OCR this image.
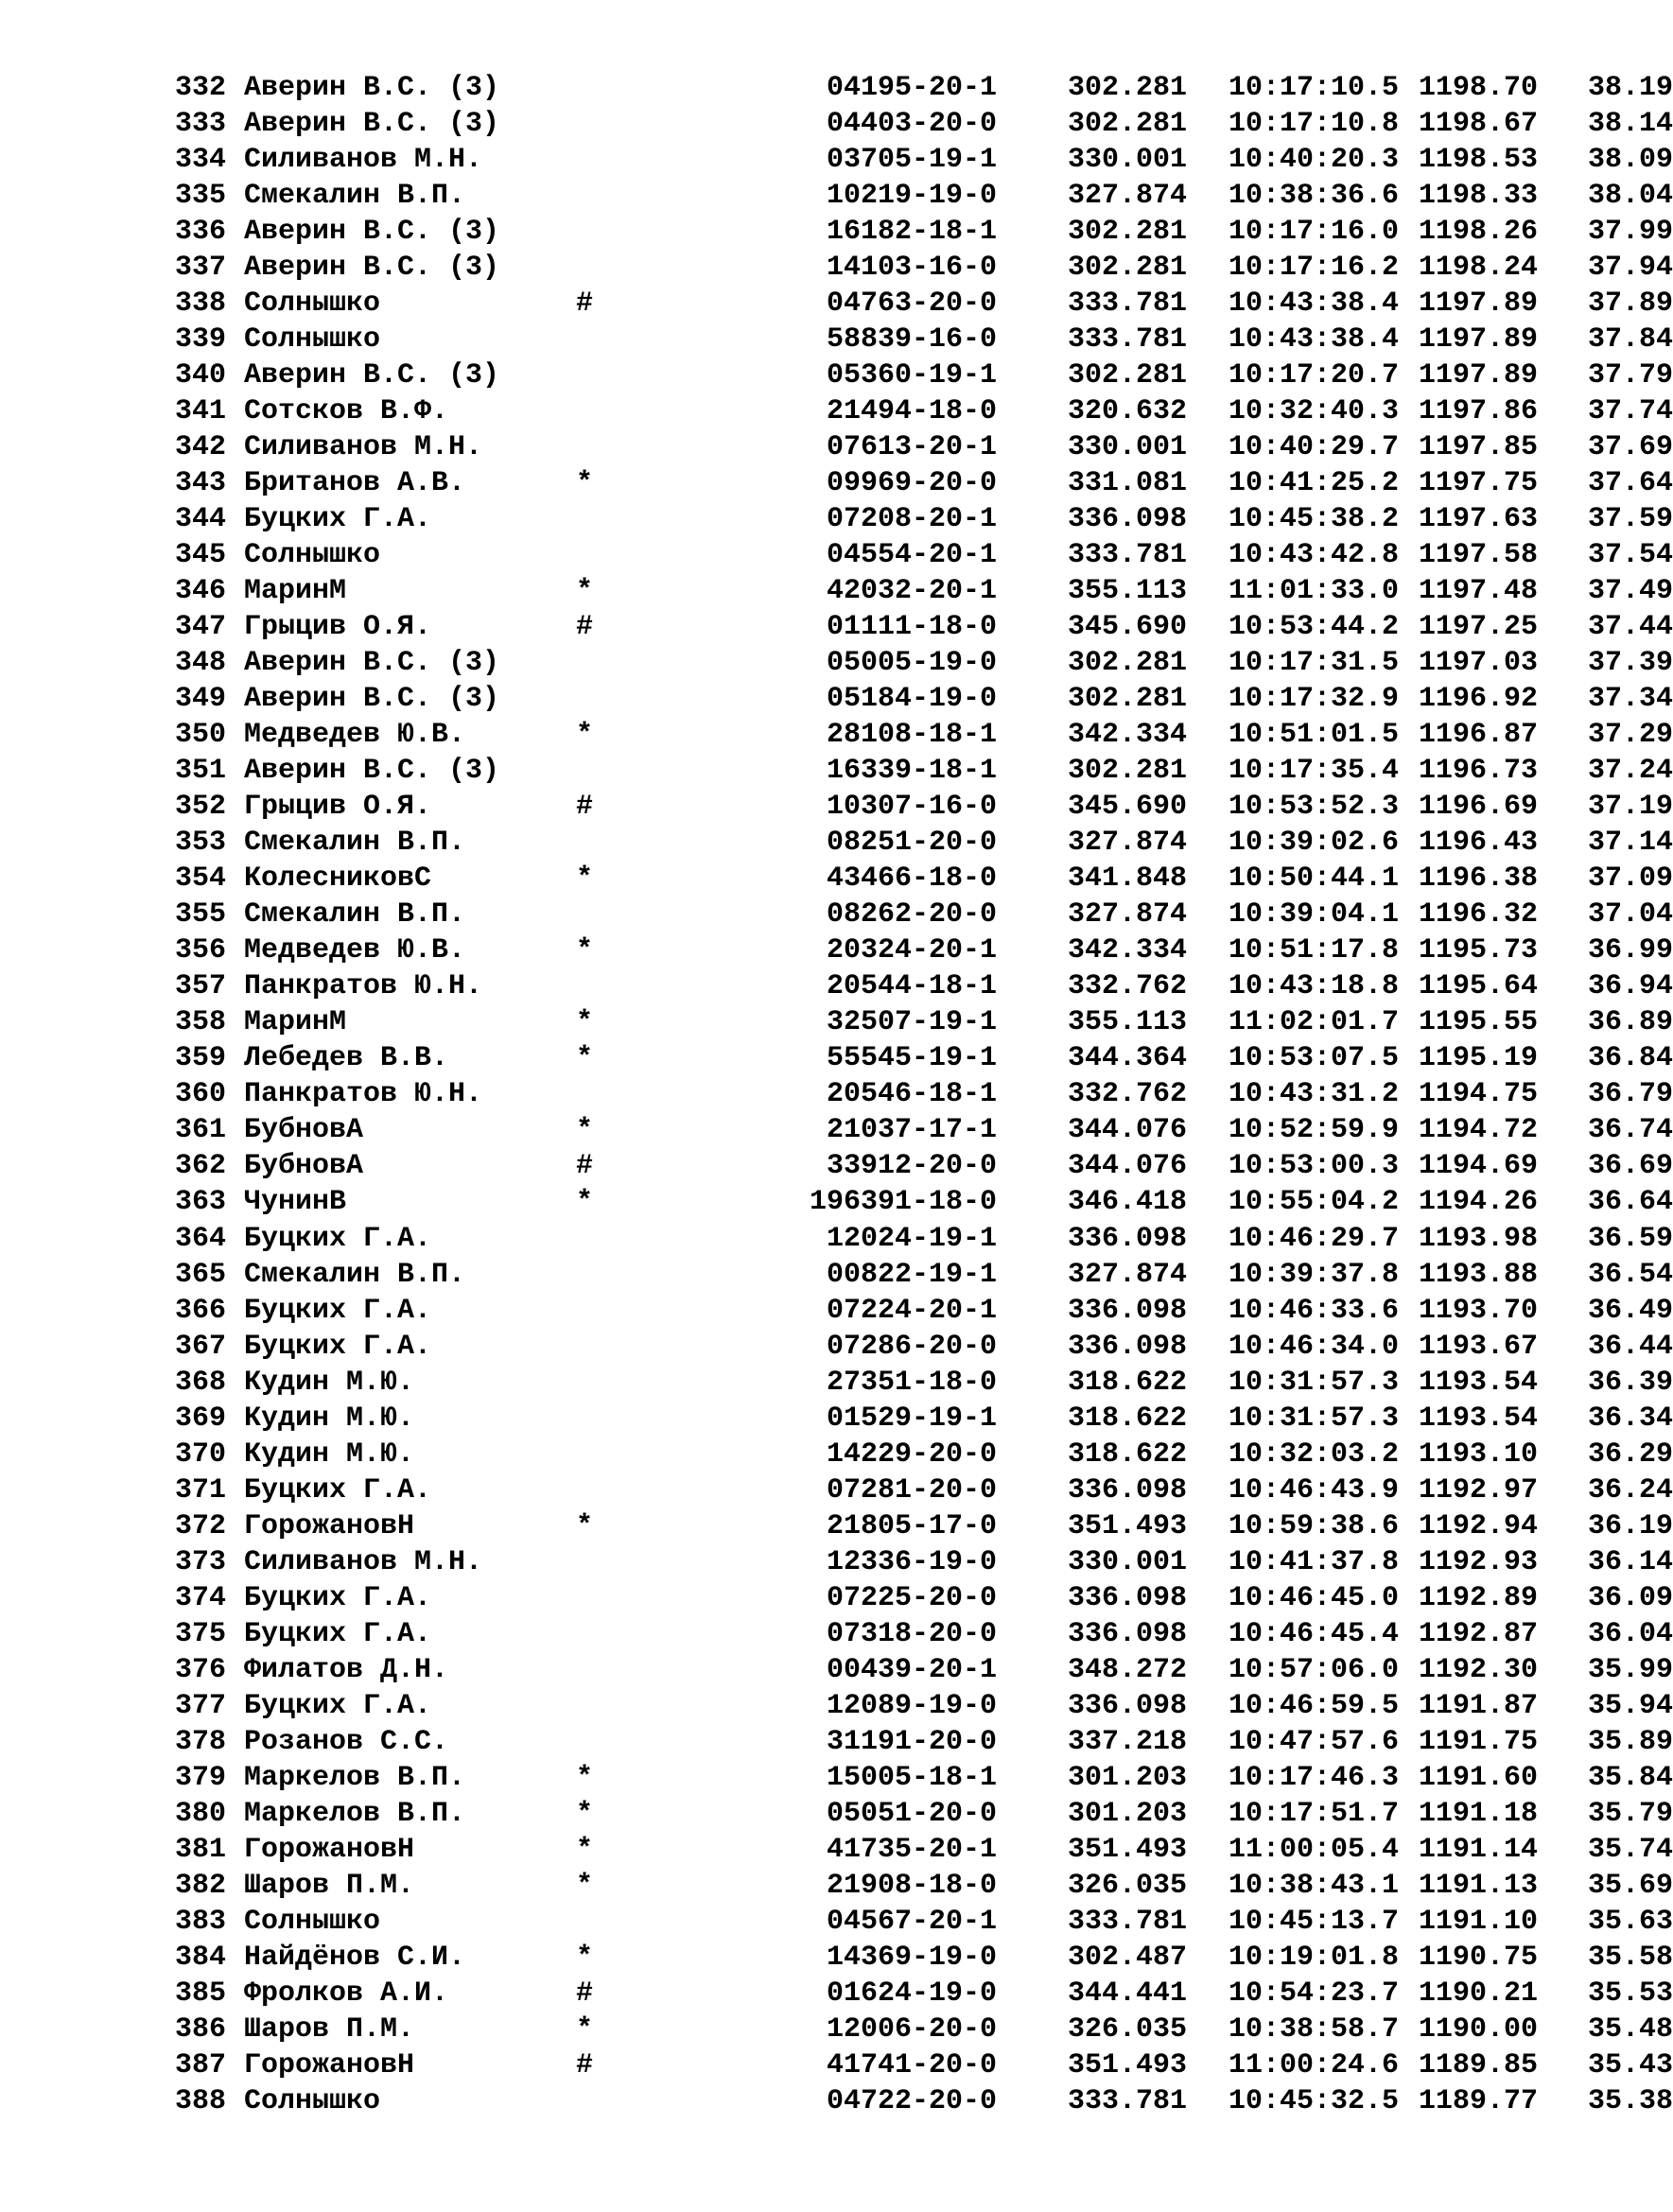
332 Аверин В.С. (3)	04195-20-1	302.281	10:17:10.5 1198.70	38.19
333 Аверин В.С. (3)	04403-20-0	302.281	10:17:10.8 1198.67	38.14
334 Силиванов М.Н.	03705-19-1	330.001	10:40:20.3 1198.53	38.09
335 Смекалин В.П.	10219-19-0	327.874	10:38:36.6 1198.33	38.04
336 Аверин В.С. (3)	16182-18-1	302.281	10:17:16.0 1198.26	37.99
337 Аверин В.С. (3)	14103-16-0	302.281	10:17:16.2 1198.24	37.94
338 Солнышко	#	04763-20-0	333.781	10:43:38.4 1197.89	37.89
339 Солнышко	58839-16-0	333.781	10:43:38.4 1197.89	37.84
340 Аверин В.С. (3)	05360-19-1	302.281	10:17:20.7 1197.89	37.79
341 Сотсков В.Ф.	21494-18-0	320.632	10:32:40.3 1197.86	37.74
342 Силиванов М.Н.	07613-20-1	330.001	10:40:29.7 1197.85	37.69
343 Британов А.В.	*	09969-20-0	331.081	10:41:25.2 1197.75	37.64
344 Буцких Г.А.	07208-20-1	336.098	10:45:38.2 1197.63	37.59
345 Солнышко	04554-20-1	333.781	10:43:42.8 1197.58	37.54
346 МаринМ	*	42032-20-1	355.113	11:01:33.0 1197.48	37.49
347 Грыцив О.Я.	#	01111-18-0	345.690	10:53:44.2 1197.25	37.44
348 Аверин В.С. (3)	05005-19-0	302.281	10:17:31.5 1197.03	37.39
349 Аверин В.С. (3)	05184-19-0	302.281	10:17:32.9 1196.92	37.34
350 Медведев Ю.В.	*	28108-18-1	342.334	10:51:01.5 1196.87	37.29
351 Аверин В.С. (3)	16339-18-1	302.281	10:17:35.4 1196.73	37.24
352 Грыцив О.Я.	#	10307-16-0	345.690	10:53:52.3 1196.69	37.19
353 Смекалин В.П.	08251-20-0	327.874	10:39:02.6 1196.43	37.14
354 КолесниковС	*	43466-18-0	341.848	10:50:44.1 1196.38	37.09
355 Смекалин В.П.	08262-20-0	327.874	10:39:04.1 1196.32	37.04
356 Медведев Ю.В.	*	20324-20-1	342.334	10:51:17.8 1195.73	36.99
357 Панкратов Ю.Н.	20544-18-1	332.762	10:43:18.8 1195.64	36.94
358 МаринМ	*	32507-19-1	355.113	11:02:01.7 1195.55	36.89
359 Лебедев В.В.	*	55545-19-1	344.364	10:53:07.5 1195.19	36.84
360 Панкратов Ю.Н.	20546-18-1	332.762	10:43:31.2 1194.75	36.79
361 БубновА	*	21037-17-1	344.076	10:52:59.9 1194.72	36.74
362 БубновА	#	33912-20-0	344.076	10:53:00.3 1194.69	36.69
363 ЧунинВ	*	196391-18-0	346.418	10:55:04.2 1194.26	36.64
364 Буцких Г.А.	12024-19-1	336.098	10:46:29.7 1193.98	36.59
365 Смекалин В.П.	00822-19-1	327.874	10:39:37.8 1193.88	36.54
366 Буцких Г.А.	07224-20-1	336.098	10:46:33.6 1193.70	36.49
367 Буцких Г.А.	07286-20-0	336.098	10:46:34.0 1193.67	36.44
368 Кудин М.Ю.	27351-18-0	318.622	10:31:57.3 1193.54	36.39
369 Кудин М.Ю.	01529-19-1	318.622	10:31:57.3 1193.54	36.34
370 Кудин М.Ю.	14229-20-0	318.622	10:32:03.2 1193.10	36.29
371 Буцких Г.А.	07281-20-0	336.098	10:46:43.9 1192.97	36.24
372 ГорожановН	*	21805-17-0	351.493	10:59:38.6 1192.94	36.19
373 Силиванов М.Н.	12336-19-0	330.001	10:41:37.8 1192.93	36.14
374 Буцких Г.А.	07225-20-0	336.098	10:46:45.0 1192.89	36.09
375 Буцких Г.А.	07318-20-0	336.098	10:46:45.4 1192.87	36.04
376 Филатов Д.Н.	00439-20-1	348.272	10:57:06.0 1192.30	35.99
377 Буцких Г.А.	12089-19-0	336.098	10:46:59.5 1191.87	35.94
378 Розанов С.С.	31191-20-0	337.218	10:47:57.6 1191.75	35.89
379 Маркелов В.П.	*	15005-18-1	301.203	10:17:46.3 1191.60	35.84
380 Маркелов В.П.	*	05051-20-0	301.203	10:17:51.7 1191.18	35.79
381 ГорожановН	*	41735-20-1	351.493	11:00:05.4 1191.14	35.74
382 Шаров П.М.	*	21908-18-0	326.035	10:38:43.1 1191.13	35.69
383 Солнышко	04567-20-1	333.781	10:45:13.7 1191.10	35.63
384 Найдёнов С.И.	*	14369-19-0	302.487	10:19:01.8 1190.75	35.58
385 Фролков А.И.	#	01624-19-0	344.441	10:54:23.7 1190.21	35.53
386 Шаров П.М.	*	12006-20-0	326.035	10:38:58.7 1190.00	35.48
387 ГорожановН	#	41741-20-0	351.493	11:00:24.6 1189.85	35.43
388 Солнышко	04722-20-0	333.781	10:45:32.5 1189.77	35.38
